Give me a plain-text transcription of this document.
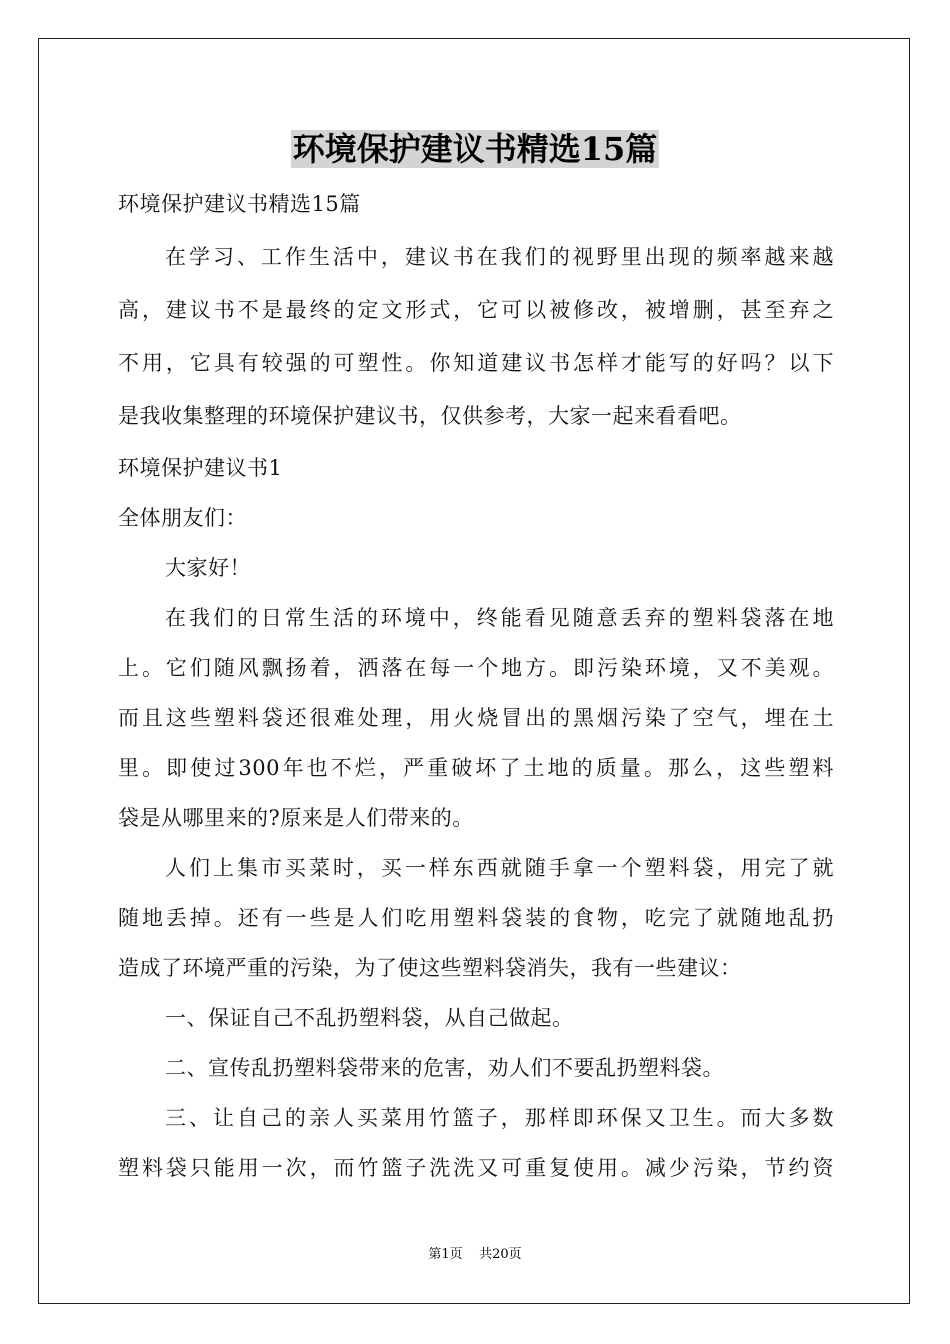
环境保护建议书精选15篇
环境保护建议书精选15篇
在学习、工作生活中，建议书在我们的视野里出现的频率越来越
高，建议书不是最终的定文形式，它可以被修改，被增删，甚至弃之
不用，它具有较强的可塑性。你知道建议书怎样才能写的好吗？以下
是我收集整理的环境保护建议书，仅供参考，大家一起来看看吧。
环境保护建议书1
全体朋友们：
大家好！
在我们的日常生活的环境中，终能看见随意丢弃的塑料袋落在地
上。它们随风飘扬着，洒落在每一个地方。即污染环境，又不美观。
而且这些塑料袋还很难处理，用火烧冒出的黑烟污染了空气，埋在土
里。即使过300年也不烂，严重破坏了土地的质量。那么，这些塑料
袋是从哪里来的?原来是人们带来的。
人们上集市买菜时，买一样东西就随手拿一个塑料袋，用完了就
随地丢掉。还有一些是人们吃用塑料袋装的食物，吃完了就随地乱扔
造成了环境严重的污染，为了使这些塑料袋消失，我有一些建议：
一、保证自己不乱扔塑料袋，从自己做起。
二、宣传乱扔塑料袋带来的危害，劝人们不要乱扔塑料袋。
三、让自己的亲人买菜用竹篮子，那样即环保又卫生。而大多数
塑料袋只能用一次，而竹篮子洗洗又可重复使用。减少污染，节约资
第1页 共20页
